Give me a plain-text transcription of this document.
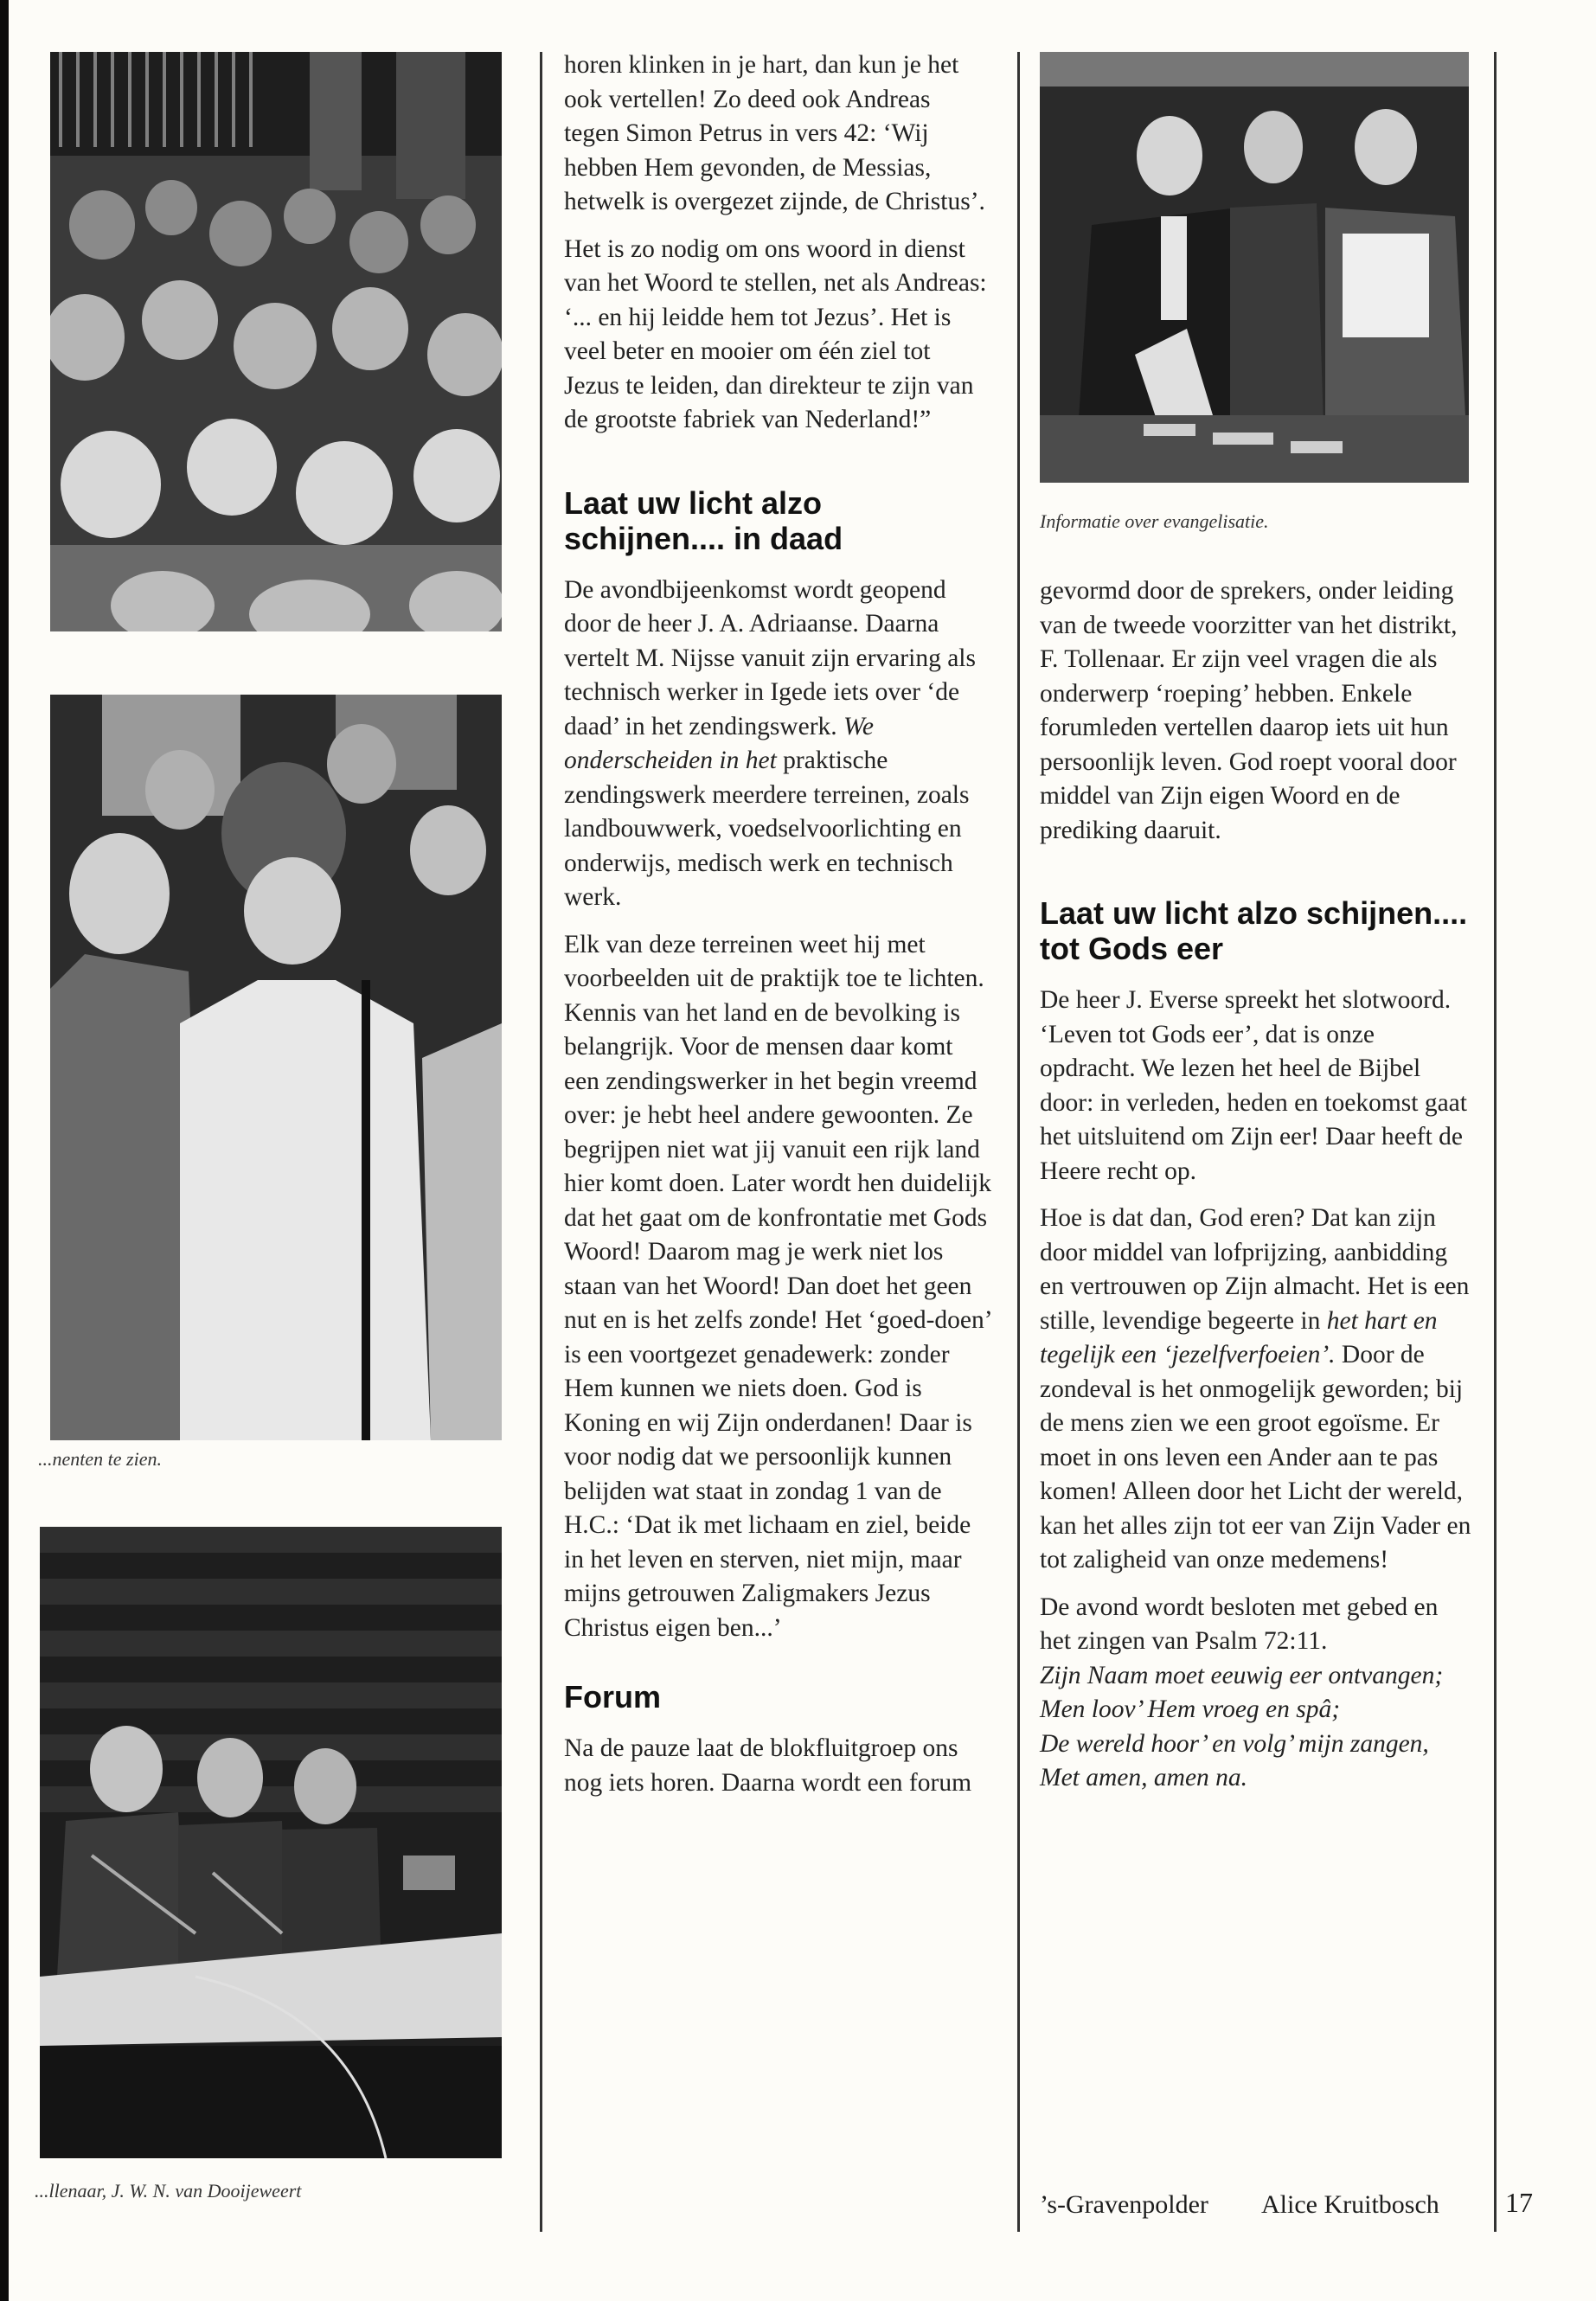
...nenten te zien.
...llenaar, J. W. N. van Dooijeweert

horen klinken in je hart, dan kun je het ook vertellen! Zo deed ook Andreas tegen Simon Petrus in vers 42: ‘Wij hebben Hem gevonden, de Messias, hetwelk is overgezet zijnde, de Christus’.

Het is zo nodig om ons woord in dienst van het Woord te stellen, net als Andreas: ‘... en hij leidde hem tot Jezus’. Het is veel beter en mooier om één ziel tot Jezus te leiden, dan direkteur te zijn van de grootste fabriek van Nederland!”

Laat uw licht alzo schijnen.... in daad

De avondbijeenkomst wordt geopend door de heer J. A. Adriaanse. Daarna vertelt M. Nijsse vanuit zijn ervaring als technisch werker in Igede iets over ‘de daad’ in het zendingswerk. We onderscheiden in het praktische zendingswerk meerdere terreinen, zoals landbouwwerk, voedselvoorlichting en onderwijs, medisch werk en technisch werk.

Elk van deze terreinen weet hij met voorbeelden uit de praktijk toe te lichten. Kennis van het land en de bevolking is belangrijk. Voor de mensen daar komt een zendingswerker in het begin vreemd over: je hebt heel andere gewoonten. Ze begrijpen niet wat jij vanuit een rijk land hier komt doen. Later wordt hen duidelijk dat het gaat om de konfrontatie met Gods Woord! Daarom mag je werk niet los staan van het Woord! Dan doet het geen nut en is het zelfs zonde! Het ‘goed-doen’ is een voortgezet genadewerk: zonder Hem kunnen we niets doen. God is Koning en wij Zijn onderdanen! Daar is voor nodig dat we persoonlijk kunnen belijden wat staat in zondag 1 van de H.C.: ‘Dat ik met lichaam en ziel, beide in het leven en sterven, niet mijn, maar mijns getrouwen Zaligmakers Jezus Christus eigen ben...’

Forum

Na de pauze laat de blokfluitgroep ons nog iets horen. Daarna wordt een forum

Informatie over evangelisatie.

gevormd door de sprekers, onder leiding van de tweede voorzitter van het distrikt, F. Tollenaar. Er zijn veel vragen die als onderwerp ‘roeping’ hebben. Enkele forumleden vertellen daarop iets uit hun persoonlijk leven. God roept vooral door middel van Zijn eigen Woord en de prediking daaruit.

Laat uw licht alzo schijnen.... tot Gods eer

De heer J. Everse spreekt het slotwoord. ‘Leven tot Gods eer’, dat is onze opdracht. We lezen het heel de Bijbel door: in verleden, heden en toekomst gaat het uitsluitend om Zijn eer! Daar heeft de Heere recht op.

Hoe is dat dan, God eren? Dat kan zijn door middel van lofprijzing, aanbidding en vertrouwen op Zijn almacht. Het is een stille, levendige begeerte in het hart en tegelijk een ‘jezelfverfoeien’. Door de zondeval is het onmogelijk geworden; bij de mens zien we een groot egoïsme. Er moet in ons leven een Ander aan te pas komen! Alleen door het Licht der wereld, kan het alles zijn tot eer van Zijn Vader en tot zaligheid van onze medemens!

De avond wordt besloten met gebed en het zingen van Psalm 72:11.

Zijn Naam moet eeuwig eer ontvangen;

Men loov’ Hem vroeg en spâ;

De wereld hoor’ en volg’ mijn zangen,

Met amen, amen na.

’s-Gravenpolder Alice Kruitbosch 17
